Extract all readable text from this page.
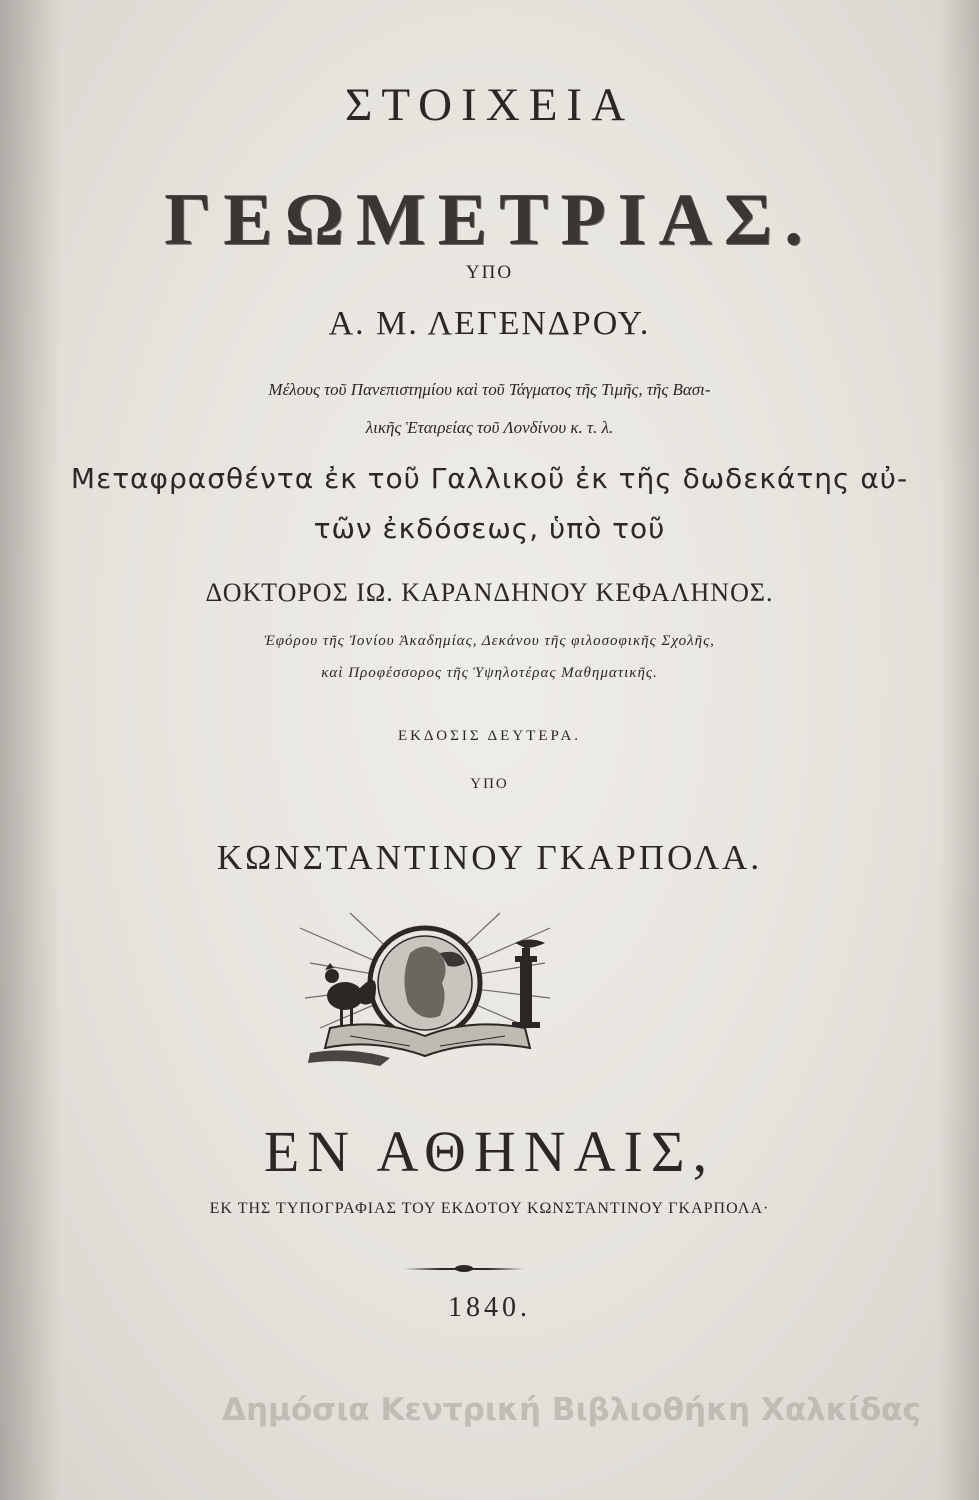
ΣΤΟΙΧΕΙΑ
ΓΕΩΜΕΤΡΙΑΣ.
ΥΠΟ
Α. Μ. ΛΕΓΕΝΔΡΟΥ.
Μέλους τοῦ Πανεπιστημίου καὶ τοῦ Τάγματος τῆς Τιμῆς, τῆς Βασι-
λικῆς Ἑταιρείας τοῦ Λονδίνου κ. τ. λ.
Μεταφρασθέντα ἐκ τοῦ Γαλλικοῦ ἐκ τῆς δωδεκάτης αὐ-
τῶν ἐκδόσεως, ὑπὸ τοῦ
ΔΟΚΤΟΡΟΣ ΙΩ. ΚΑΡΑΝΔΗΝΟΥ ΚΕΦΑΛΗΝΟΣ.
Ἐφόρου τῆς Ἰονίου Ἀκαδημίας, Δεκάνου τῆς φιλοσοφικῆς Σχολῆς,
καὶ Προφέσσορος τῆς Ὑψηλοτέρας Μαθηματικῆς.
ΕΚΔΟΣΙΣ ΔΕΥΤΕΡΑ.
ΥΠΟ
ΚΩΝΣΤΑΝΤΙΝΟΥ ΓΚΑΡΠΟΛΑ.
ΕΝ ΑΘΗΝΑΙΣ,
ΕΚ ΤΗΣ ΤΥΠΟΓΡΑΦΙΑΣ ΤΟΥ ΕΚΔΟΤΟΥ ΚΩΝΣΤΑΝΤΙΝΟΥ ΓΚΑΡΠΟΛΑ·
1840.
Δημόσια Κεντρική Βιβλιοθήκη Χαλκίδας
